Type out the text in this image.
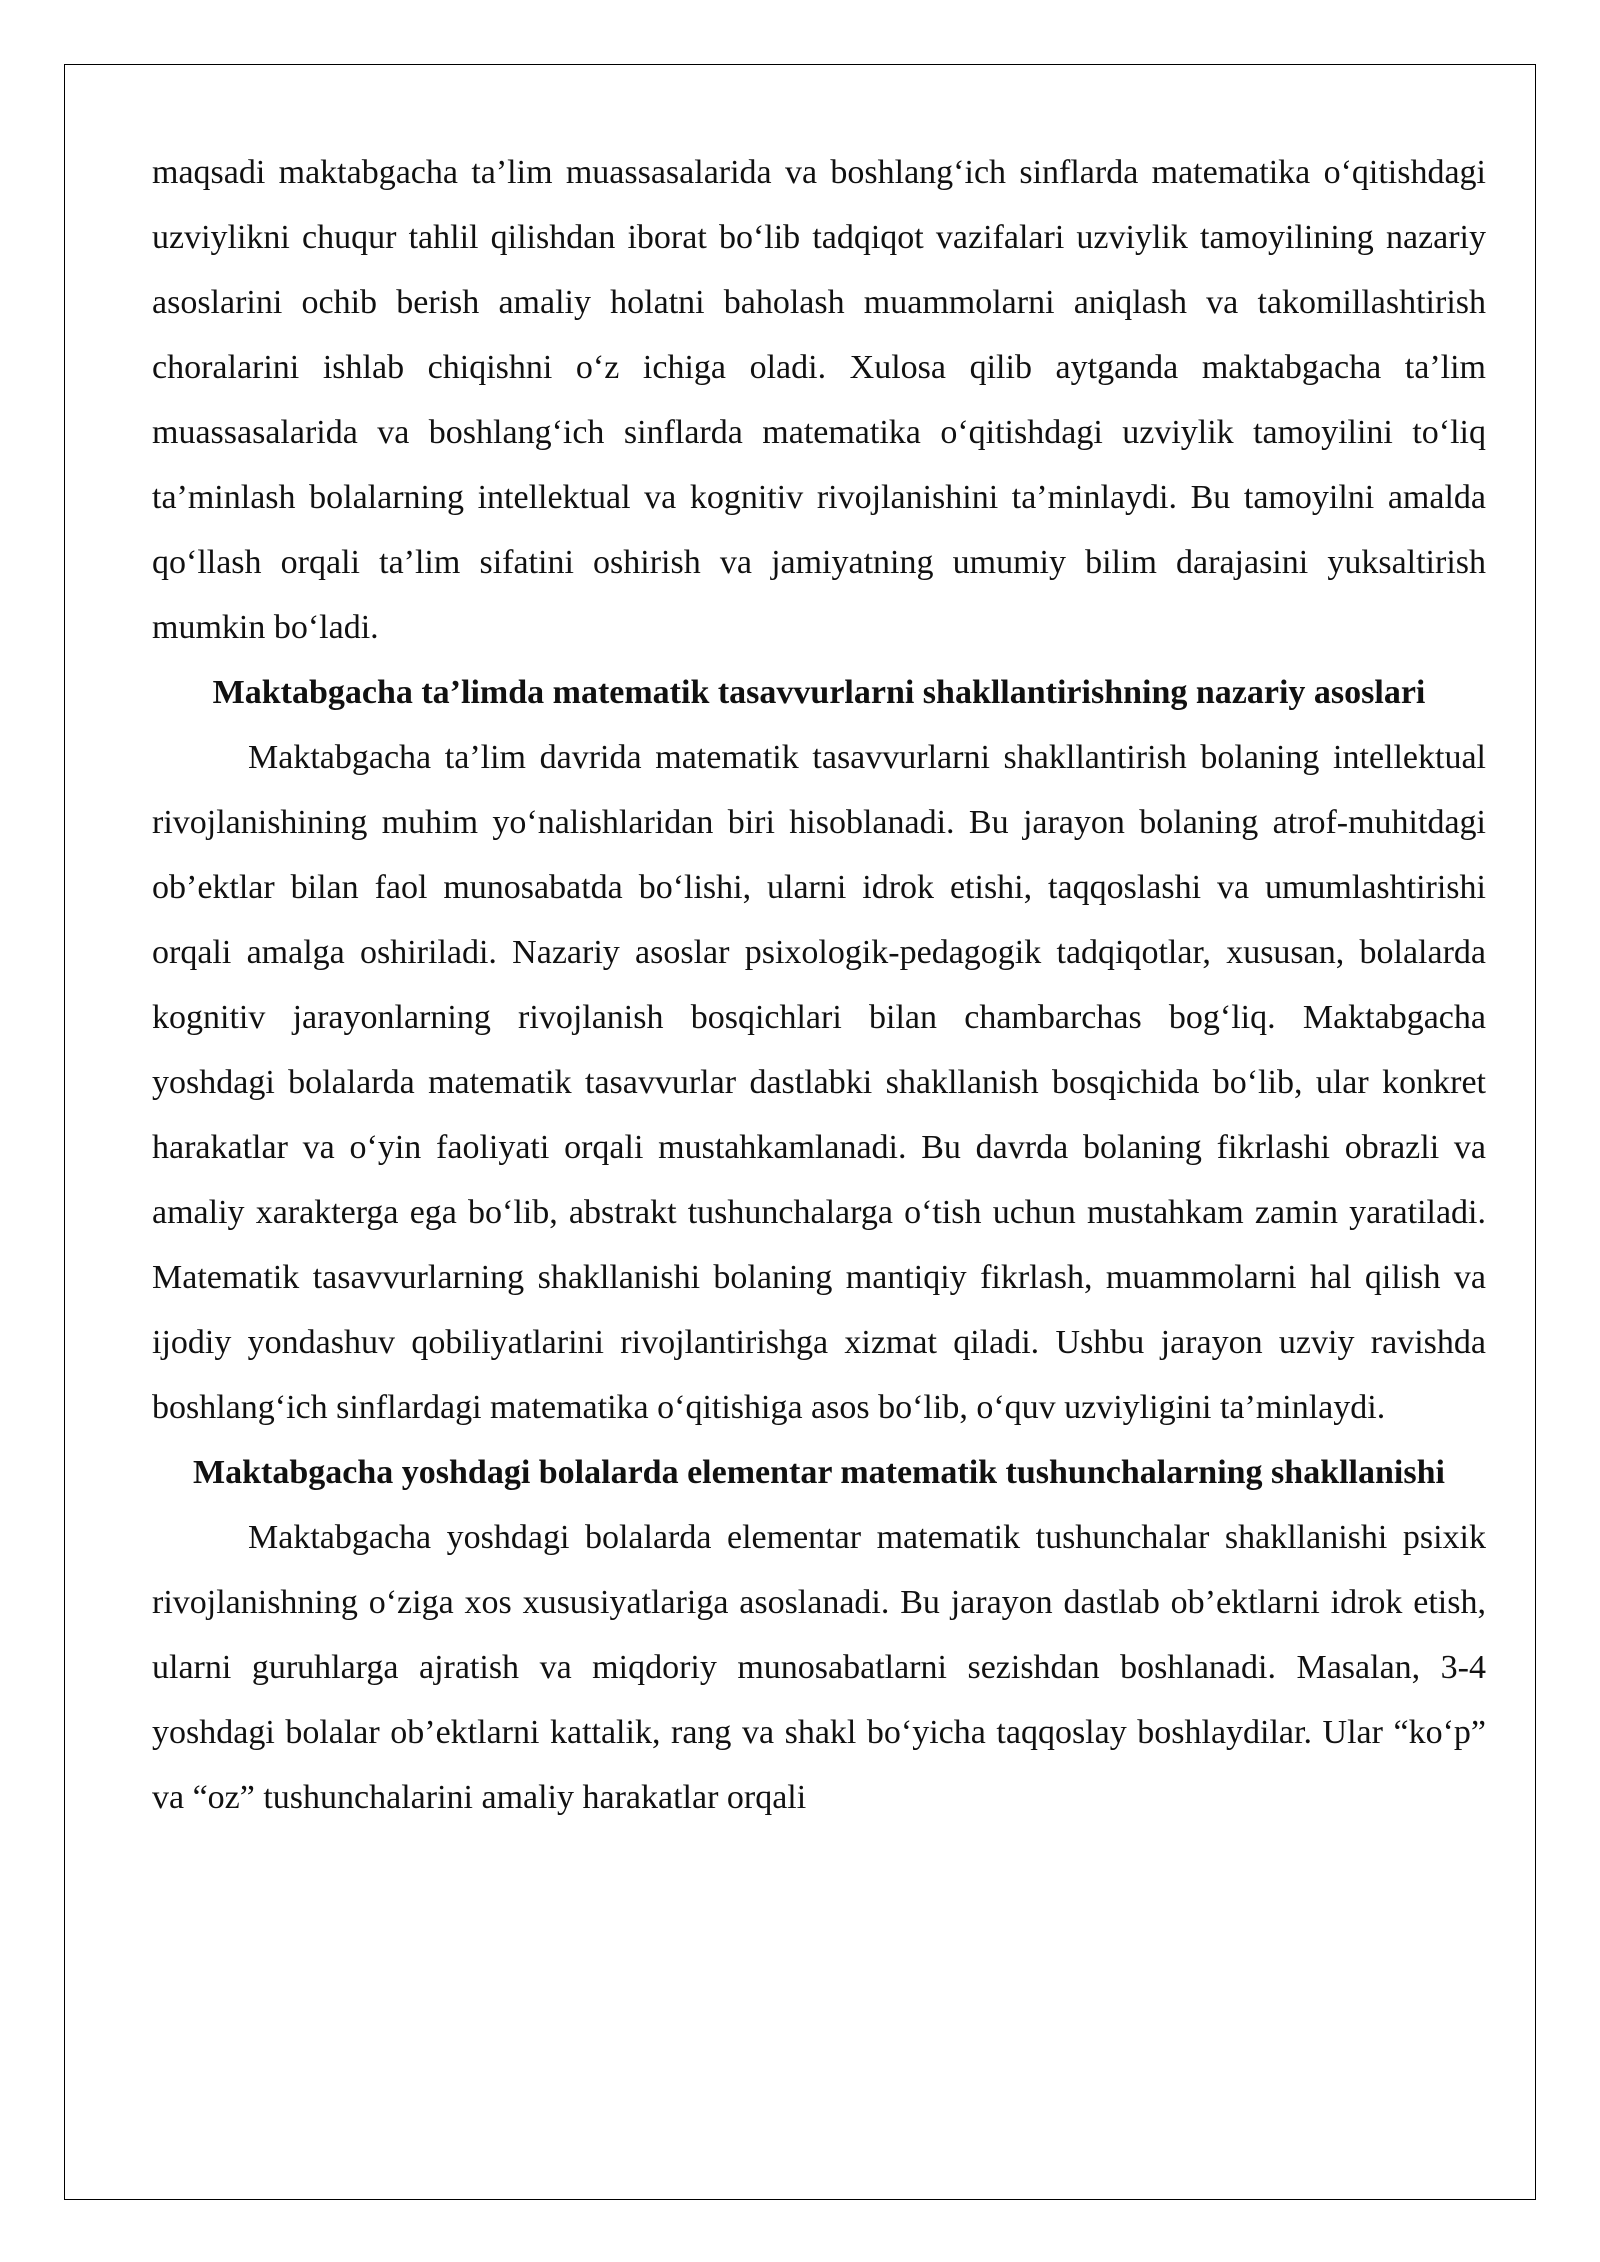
maqsadi maktabgacha ta’lim muassasalarida va boshlang‘ich sinflarda matematika o‘qitishdagi uzviylikni chuqur tahlil qilishdan iborat bo‘lib tadqiqot vazifalari uzviylik tamoyilining nazariy asoslarini ochib berish amaliy holatni baholash muammolarni aniqlash va takomillashtirish choralarini ishlab chiqishni o‘z ichiga oladi. Xulosa qilib aytganda maktabgacha ta’lim muassasalarida va boshlang‘ich sinflarda matematika o‘qitishdagi uzviylik tamoyilini to‘liq ta’minlash bolalarning intellektual va kognitiv rivojlanishini ta’minlaydi. Bu tamoyilni amalda qo‘llash orqali ta’lim sifatini oshirish va jamiyatning umumiy bilim darajasini yuksaltirish mumkin bo‘ladi.

Maktabgacha ta’limda matematik tasavvurlarni shakllantirishning nazariy asoslari

Maktabgacha ta’lim davrida matematik tasavvurlarni shakllantirish bolaning intellektual rivojlanishining muhim yo‘nalishlaridan biri hisoblanadi. Bu jarayon bolaning atrof-muhitdagi ob’ektlar bilan faol munosabatda bo‘lishi, ularni idrok etishi, taqqoslashi va umumlashtirishi orqali amalga oshiriladi. Nazariy asoslar psixologik-pedagogik tadqiqotlar, xususan, bolalarda kognitiv jarayonlarning rivojlanish bosqichlari bilan chambarchas bog‘liq. Maktabgacha yoshdagi bolalarda matematik tasavvurlar dastlabki shakllanish bosqichida bo‘lib, ular konkret harakatlar va o‘yin faoliyati orqali mustahkamlanadi. Bu davrda bolaning fikrlashi obrazli va amaliy xarakterga ega bo‘lib, abstrakt tushunchalarga o‘tish uchun mustahkam zamin yaratiladi. Matematik tasavvurlarning shakllanishi bolaning mantiqiy fikrlash, muammolarni hal qilish va ijodiy yondashuv qobiliyatlarini rivojlantirishga xizmat qiladi. Ushbu jarayon uzviy ravishda boshlang‘ich sinflardagi matematika o‘qitishiga asos bo‘lib, o‘quv uzviyligini ta’minlaydi.

Maktabgacha yoshdagi bolalarda elementar matematik tushunchalarning shakllanishi

Maktabgacha yoshdagi bolalarda elementar matematik tushunchalar shakllanishi psixik rivojlanishning o‘ziga xos xususiyatlariga asoslanadi. Bu jarayon dastlab ob’ektlarni idrok etish, ularni guruhlarga ajratish va miqdoriy munosabatlarni sezishdan boshlanadi. Masalan, 3-4 yoshdagi bolalar ob’ektlarni kattalik, rang va shakl bo‘yicha taqqoslay boshlaydilar. Ular “ko‘p” va “oz” tushunchalarini amaliy harakatlar orqali
